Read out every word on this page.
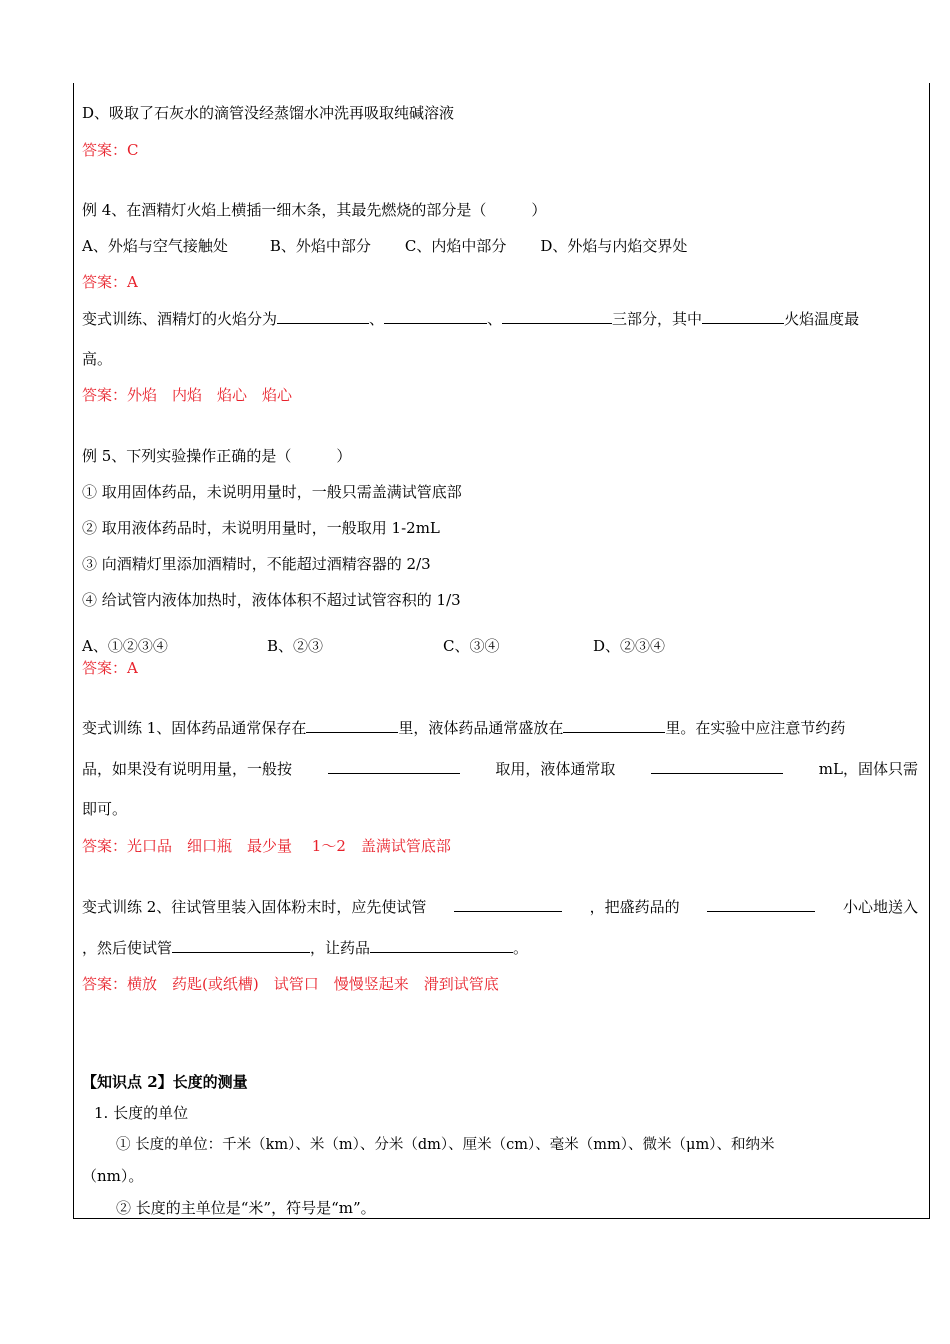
D、吸取了石灰水的滴管没经蒸馏水冲洗再吸取纯碱溶液
答案：C
例 4、在酒精灯火焰上横插一细木条，其最先燃烧的部分是（　　　）
A、外焰与空气接触处	B、外焰中部分 C、内焰中部分 D、外焰与内焰交界处
答案：A
变式训练、酒精灯的火焰分为	、	、	三部分，其中	火焰温度最
高。
答案：外焰　内焰　焰心　焰心
例 5、下列实验操作正确的是（　　　）
① 取用固体药品，未说明用量时，一般只需盖满试管底部
② 取用液体药品时，未说明用量时，一般取用 1-2mL
③ 向酒精灯里添加酒精时，不能超过酒精容器的 2/3
④ 给试管内液体加热时，液体体积不超过试管容积的 1/3
A、①②③④	B、②③	C、③④	D、②③④
答案：A
变式训练 1、固体药品通常保存在	里，液体药品通常盛放在	里。在实验中应注意节约药
品，如果没有说明用量，一般按	取用，液体通常取	mL，固体只需
即可。
答案：光口品　细口瓶　最少量　 1～2　盖满试管底部
变式训练 2、往试管里装入固体粉末时，应先使试管	，把盛药品的	小心地送入
，然后使试管	，让药品	。
答案：横放　药匙(或纸槽)　试管口　慢慢竖起来　滑到试管底
【知识点 2】长度的测量
1. 长度的单位
① 长度的单位：千米（km）、米（m）、分米（dm）、厘米（cm）、毫米（mm）、微米（μm）、和纳米
（nm）。
② 长度的主单位是“米”，符号是“m”。
